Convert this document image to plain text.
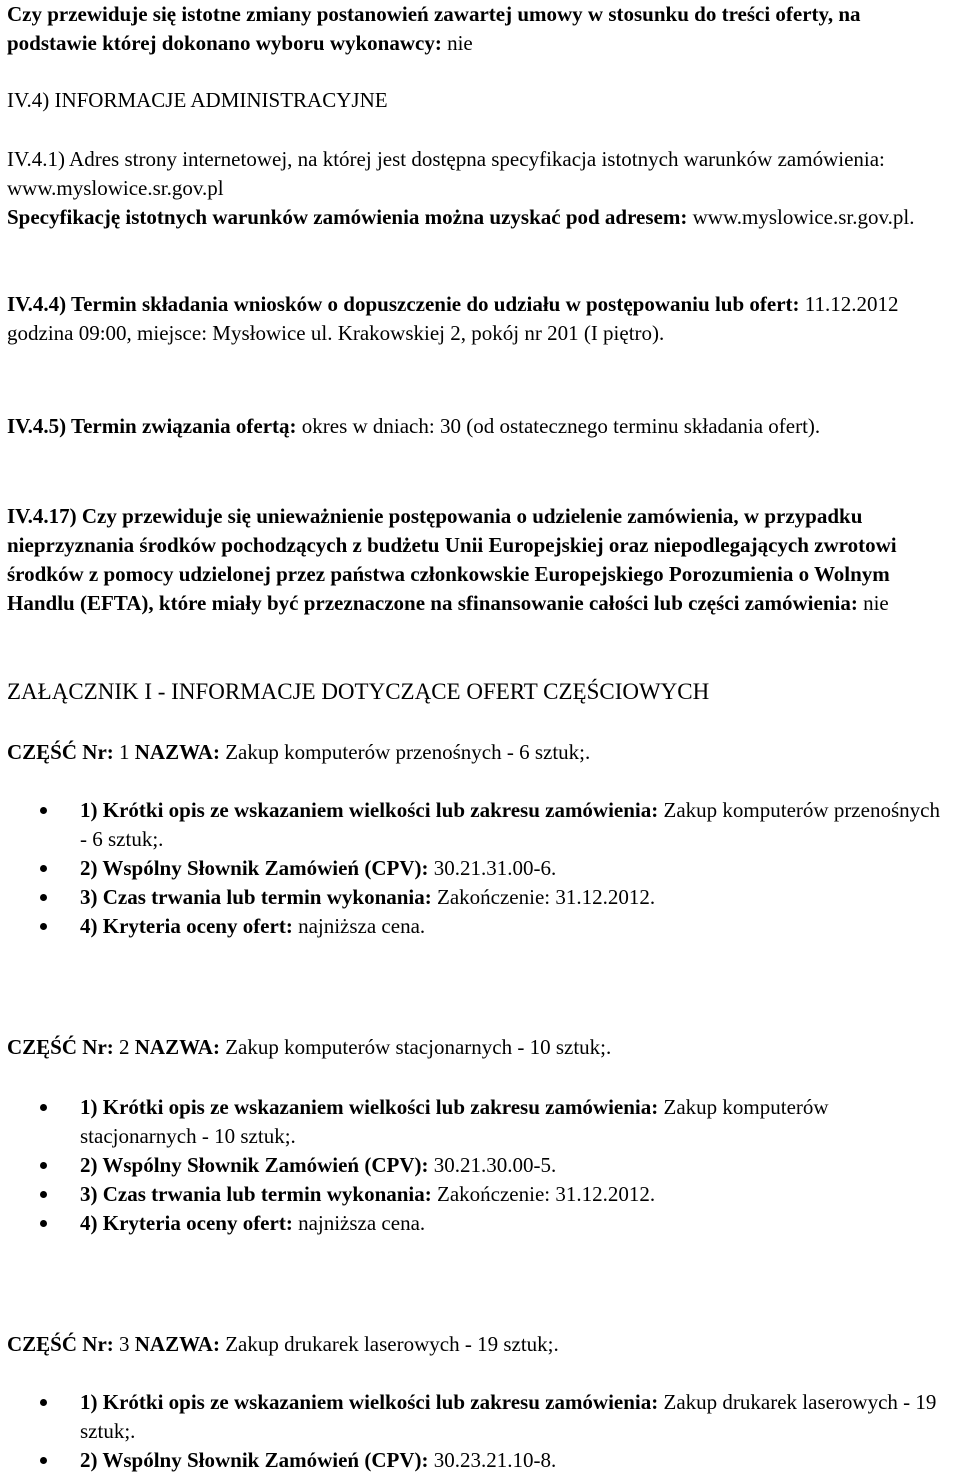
Czy przewiduje się istotne zmiany postanowień zawartej umowy w stosunku do treści oferty, na podstawie której dokonano wyboru wykonawcy: nie

IV.4) INFORMACJE ADMINISTRACYJNE

IV.4.1) Adres strony internetowej, na której jest dostępna specyfikacja istotnych warunków zamówienia: www.myslowice.sr.gov.pl
Specyfikację istotnych warunków zamówienia można uzyskać pod adresem: www.myslowice.sr.gov.pl.

IV.4.4) Termin składania wniosków o dopuszczenie do udziału w postępowaniu lub ofert: 11.12.2012 godzina 09:00, miejsce: Mysłowice ul. Krakowskiej 2, pokój nr 201 (I piętro).

IV.4.5) Termin związania ofertą: okres w dniach: 30 (od ostatecznego terminu składania ofert).

IV.4.17) Czy przewiduje się unieważnienie postępowania o udzielenie zamówienia, w przypadku nieprzyznania środków pochodzących z budżetu Unii Europejskiej oraz niepodlegających zwrotowi środków z pomocy udzielonej przez państwa członkowskie Europejskiego Porozumienia o Wolnym Handlu (EFTA), które miały być przeznaczone na sfinansowanie całości lub części zamówienia: nie

ZAŁĄCZNIK I - INFORMACJE DOTYCZĄCE OFERT CZĘŚCIOWYCH

CZĘŚĆ Nr: 1 NAZWA: Zakup komputerów przenośnych - 6 sztuk;.

1) Krótki opis ze wskazaniem wielkości lub zakresu zamówienia: Zakup komputerów przenośnych - 6 sztuk;.
2) Wspólny Słownik Zamówień (CPV): 30.21.31.00-6.
3) Czas trwania lub termin wykonania: Zakończenie: 31.12.2012.
4) Kryteria oceny ofert: najniższa cena.

CZĘŚĆ Nr: 2 NAZWA: Zakup komputerów stacjonarnych - 10 sztuk;.

1) Krótki opis ze wskazaniem wielkości lub zakresu zamówienia: Zakup komputerów stacjonarnych - 10 sztuk;.
2) Wspólny Słownik Zamówień (CPV): 30.21.30.00-5.
3) Czas trwania lub termin wykonania: Zakończenie: 31.12.2012.
4) Kryteria oceny ofert: najniższa cena.

CZĘŚĆ Nr: 3 NAZWA: Zakup drukarek laserowych - 19 sztuk;.

1) Krótki opis ze wskazaniem wielkości lub zakresu zamówienia: Zakup drukarek laserowych - 19 sztuk;.
2) Wspólny Słownik Zamówień (CPV): 30.23.21.10-8.
